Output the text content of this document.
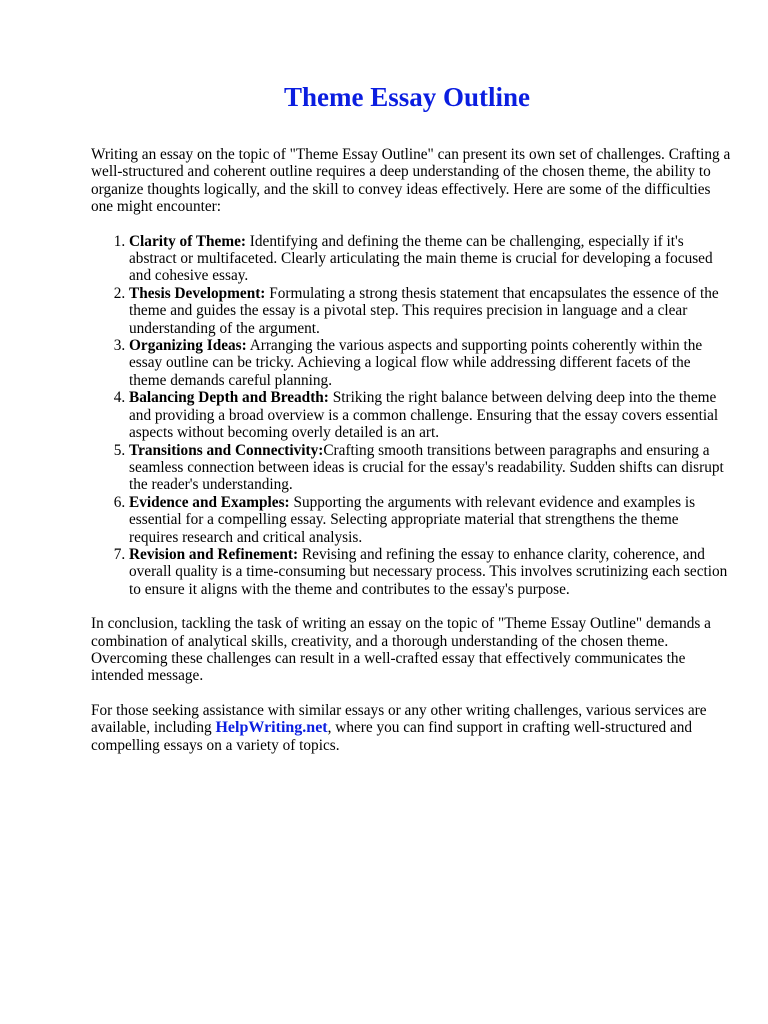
Theme Essay Outline

Writing an essay on the topic of "Theme Essay Outline" can present its own set of challenges. Crafting a well-structured and coherent outline requires a deep understanding of the chosen theme, the ability to organize thoughts logically, and the skill to convey ideas effectively. Here are some of the difficulties one might encounter:

1. Clarity of Theme: Identifying and defining the theme can be challenging, especially if it's abstract or multifaceted. Clearly articulating the main theme is crucial for developing a focused and cohesive essay.
2. Thesis Development: Formulating a strong thesis statement that encapsulates the essence of the theme and guides the essay is a pivotal step. This requires precision in language and a clear understanding of the argument.
3. Organizing Ideas: Arranging the various aspects and supporting points coherently within the essay outline can be tricky. Achieving a logical flow while addressing different facets of the theme demands careful planning.
4. Balancing Depth and Breadth: Striking the right balance between delving deep into the theme and providing a broad overview is a common challenge. Ensuring that the essay covers essential aspects without becoming overly detailed is an art.
5. Transitions and Connectivity:Crafting smooth transitions between paragraphs and ensuring a seamless connection between ideas is crucial for the essay's readability. Sudden shifts can disrupt the reader's understanding.
6. Evidence and Examples: Supporting the arguments with relevant evidence and examples is essential for a compelling essay. Selecting appropriate material that strengthens the theme requires research and critical analysis.
7. Revision and Refinement: Revising and refining the essay to enhance clarity, coherence, and overall quality is a time-consuming but necessary process. This involves scrutinizing each section to ensure it aligns with the theme and contributes to the essay's purpose.

In conclusion, tackling the task of writing an essay on the topic of "Theme Essay Outline" demands a combination of analytical skills, creativity, and a thorough understanding of the chosen theme. Overcoming these challenges can result in a well-crafted essay that effectively communicates the intended message.

For those seeking assistance with similar essays or any other writing challenges, various services are available, including HelpWriting.net, where you can find support in crafting well-structured and compelling essays on a variety of topics.
